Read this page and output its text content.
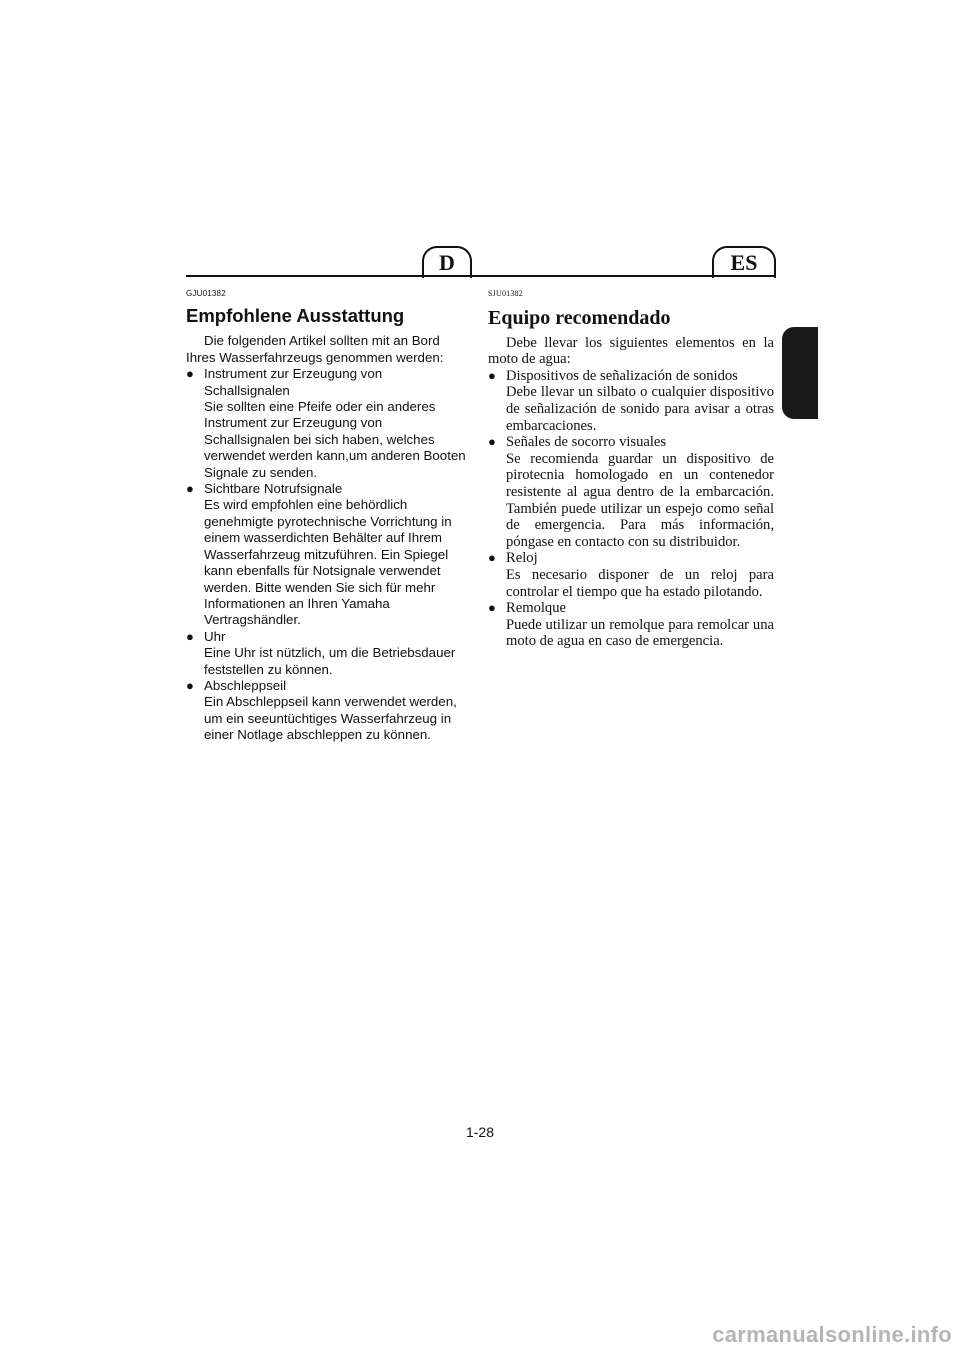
D	ES

GJU01382

Empfohlene Ausstattung

Die folgenden Artikel sollten mit an Bord Ihres Wasserfahrzeugs genommen werden:

● Instrument zur Erzeugung von Schallsignalen
Sie sollten eine Pfeife oder ein anderes Instrument zur Erzeugung von Schallsignalen bei sich haben, welches verwendet werden kann,um anderen Booten Signale zu senden.
● Sichtbare Notrufsignale
Es wird empfohlen eine behördlich genehmigte pyrotechnische Vorrichtung in einem wasserdichten Behälter auf Ihrem Wasserfahrzeug mitzuführen. Ein Spiegel kann ebenfalls für Notsignale verwendet werden. Bitte wenden Sie sich für mehr Informationen an Ihren Yamaha Vertragshändler.
● Uhr
Eine Uhr ist nützlich, um die Betriebsdauer feststellen zu können.
● Abschleppseil
Ein Abschleppseil kann verwendet werden, um ein seeuntüchtiges Wasserfahrzeug in einer Notlage abschleppen zu können.

SJU01382

Equipo recomendado

Debe llevar los siguientes elementos en la moto de agua:

● Dispositivos de señalización de sonidos
Debe llevar un silbato o cualquier dispositivo de señalización de sonido para avisar a otras embarcaciones.
● Señales de socorro visuales
Se recomienda guardar un dispositivo de pirotecnia homologado en un contenedor resistente al agua dentro de la embarcación. También puede utilizar un espejo como señal de emergencia. Para más información, póngase en contacto con su distribuidor.
● Reloj
Es necesario disponer de un reloj para controlar el tiempo que ha estado pilotando.
● Remolque
Puede utilizar un remolque para remolcar una moto de agua en caso de emergencia.
1-28
carmanualsonline.info
